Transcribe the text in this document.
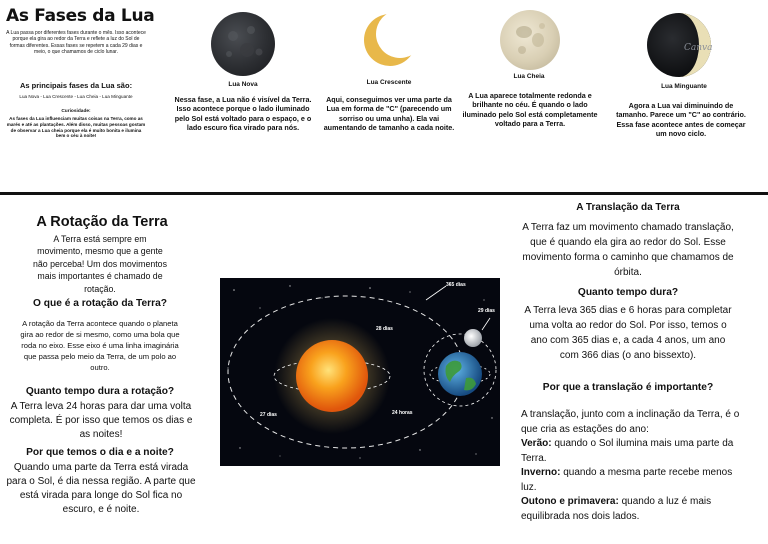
As Fases da Lua
A Lua passa por diferentes fases durante o mês. Isso acontece porque ela gira ao redor da Terra e reflete a luz do Sol de formas diferentes. Essas fases se repetem a cada 29 dias e meio, o que chamamos de ciclo lunar.
As principais fases da Lua são:
Lua Nova - Lua Crescente - Lua Cheia - Lua Minguante
Curiosidade:
As fases da Lua influenciam muitas coisas na Terra, como as marés e até as plantações. Além disso, muitas pessoas gostam de observar a Lua cheia porque ela é muito bonita e ilumina bem o céu à noite!
Lua Nova
Nessa fase, a Lua não é visível da Terra. Isso acontece porque o lado iluminado pelo Sol está voltado para o espaço, e o lado escuro fica virado para nós.
Lua Crescente
Aqui, conseguimos ver uma parte da Lua em forma de "C" (parecendo um sorriso ou uma unha). Ela vai aumentando de tamanho a cada noite.
Lua Cheia
A Lua aparece totalmente redonda e brilhante no céu. É quando o lado iluminado pelo Sol está completamente voltado para a Terra.
Canva
Lua Minguante
Agora a Lua vai diminuindo de tamanho. Parece um "C" ao contrário. Essa fase acontece antes de começar um novo ciclo.
A Rotação da Terra
A Terra está sempre em movimento, mesmo que a gente não perceba! Um dos movimentos mais importantes é chamado de rotação.
O que é a rotação da Terra?
A rotação da Terra acontece quando o planeta gira ao redor de si mesmo, como uma bola que roda no eixo. Esse eixo é uma linha imaginária que passa pelo meio da Terra, de um polo ao outro.
Quanto tempo dura a rotação?
A Terra leva 24 horas para dar uma volta completa. É por isso que temos os dias e as noites!
Por que temos o dia e a noite?
Quando uma parte da Terra está virada para o Sol, é dia nessa região. A parte que está virada para longe do Sol fica no escuro, e é noite.
365 dias
29 dias
28 dias
27 dias	24 horas
A Translação da Terra
A Terra faz um movimento chamado translação, que é quando ela gira ao redor do Sol. Esse movimento forma o caminho que chamamos de órbita.
Quanto tempo dura?
A Terra leva 365 dias e 6 horas para completar uma volta ao redor do Sol. Por isso, temos o ano com 365 dias e, a cada 4 anos, um ano com 366 dias (o ano bissexto).
Por que a translação é importante?

A translação, junto com a inclinação da Terra, é o que cria as estações do ano:

Verão: quando o Sol ilumina mais uma parte da Terra.

Inverno: quando a mesma parte recebe menos luz.

Outono e primavera: quando a luz é mais equilibrada nos dois lados.
